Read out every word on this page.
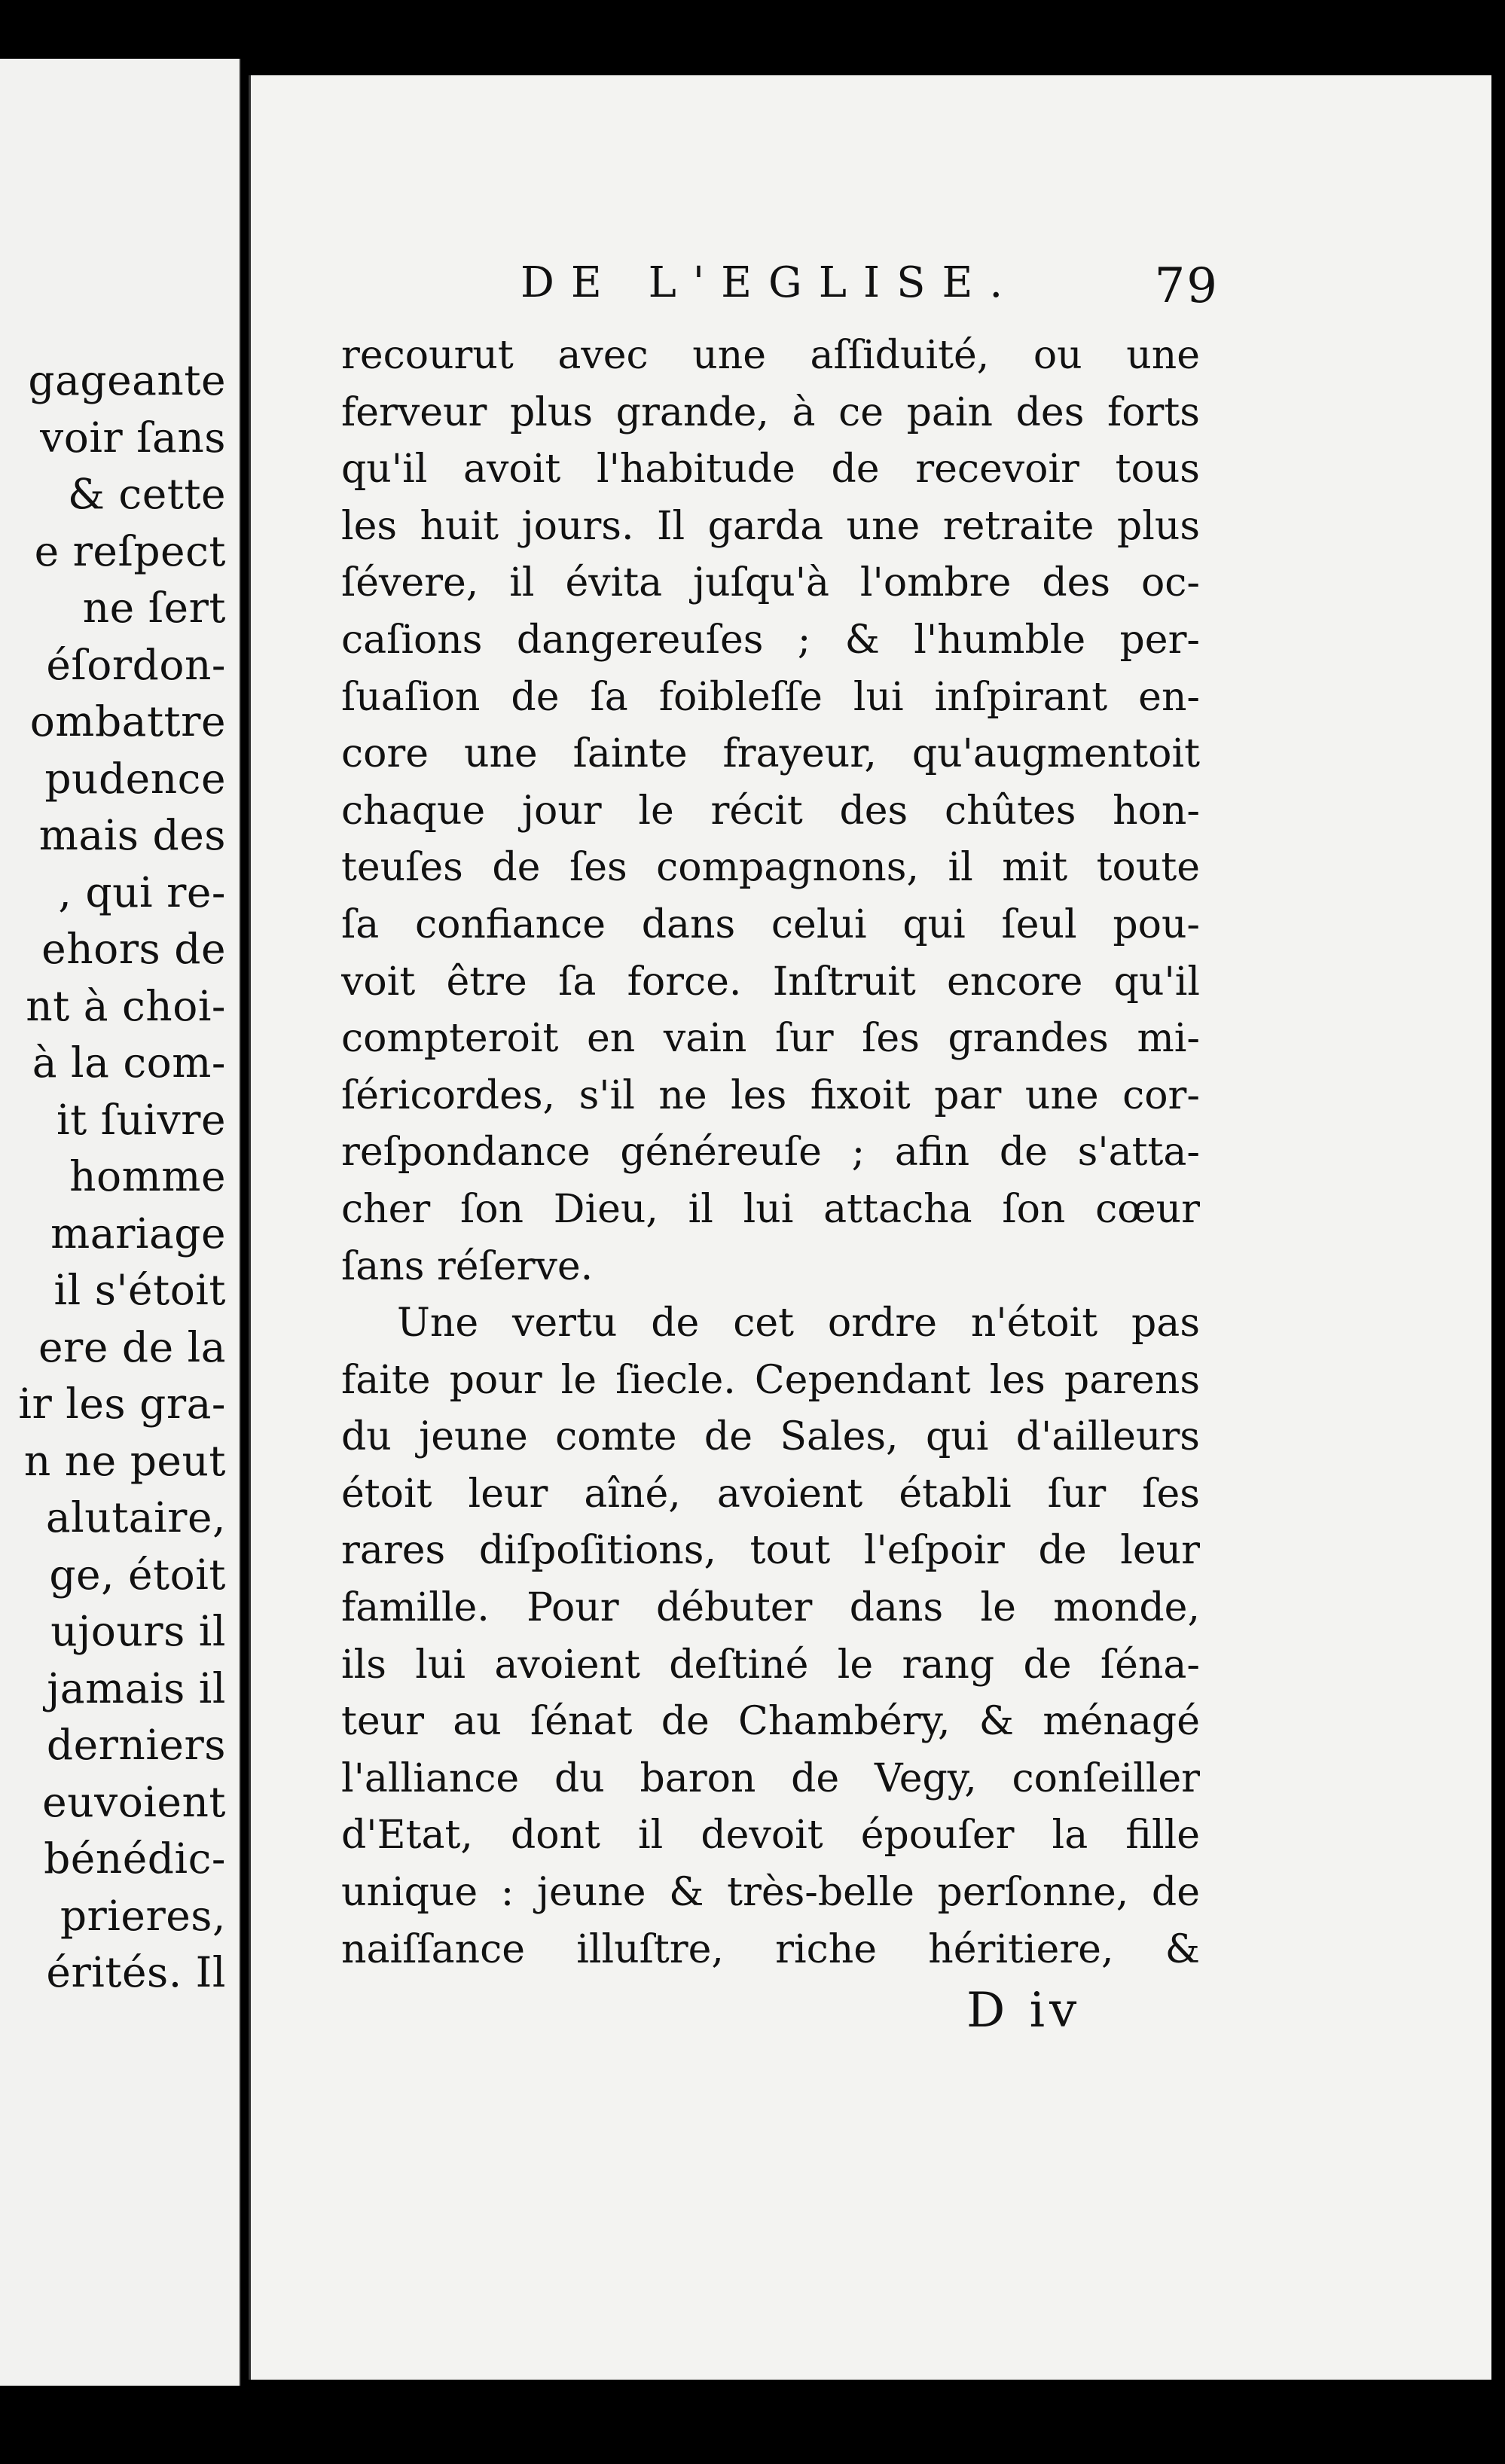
gageante
voir ſans
& cette
e reſpect
ne ſert
éſordon-
ombattre
pudence
mais des
, qui re-
ehors de
nt à choi-
à la com-
it ſuivre
homme
mariage
il s'étoit
ere de la
ir les gra-
n ne peut
alutaire,
ge, étoit
ujours il
jamais il
derniers
euvoient
bénédic-
prieres,
érités. Il
DE L'EGLISE.	79
recourut avec une aſſiduité, ou une
ferveur plus grande, à ce pain des forts
qu'il avoit l'habitude de recevoir tous
les huit jours. Il garda une retraite plus
ſévere, il évita juſqu'à l'ombre des oc-
caſions dangereuſes ; & l'humble per-
ſuaſion de ſa foibleſſe lui inſpirant en-
core une ſainte frayeur, qu'augmentoit
chaque jour le récit des chûtes hon-
teuſes de ſes compagnons, il mit toute
ſa confiance dans celui qui ſeul pou-
voit être ſa force. Inſtruit encore qu'il
compteroit en vain ſur ſes grandes mi-
ſéricordes, s'il ne les fixoit par une cor-
reſpondance généreuſe ; afin de s'atta-
cher ſon Dieu, il lui attacha ſon cœur
ſans réſerve.
Une vertu de cet ordre n'étoit pas
faite pour le ſiecle. Cependant les parens
du jeune comte de Sales, qui d'ailleurs
étoit leur aîné, avoient établi ſur ſes
rares diſpoſitions, tout l'eſpoir de leur
famille. Pour débuter dans le monde,
ils lui avoient deſtiné le rang de ſéna-
teur au ſénat de Chambéry, & ménagé
l'alliance du baron de Vegy, conſeiller
d'Etat, dont il devoit épouſer la fille
unique : jeune & très-belle perſonne, de
naiſſance illuſtre, riche héritiere, &
D iv
